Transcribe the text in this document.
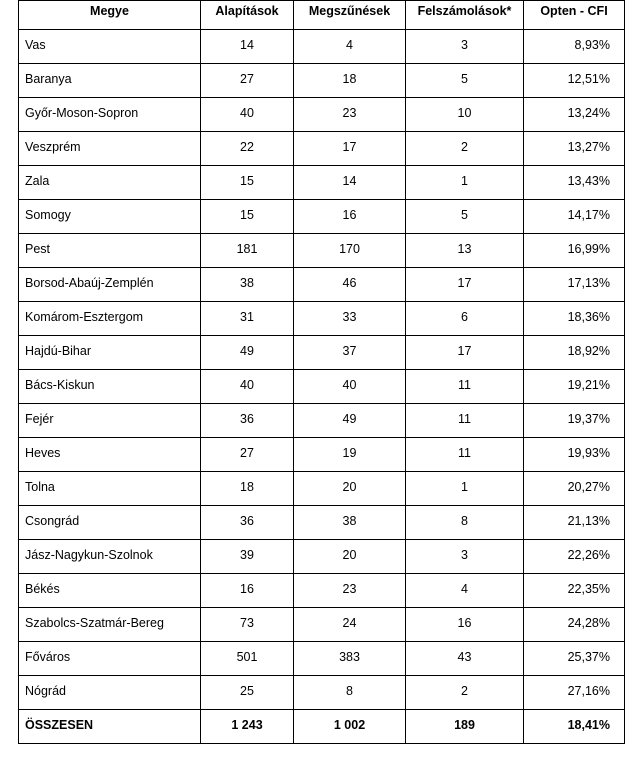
Megye	Alapítások	Megszűnések	Felszámolások*	Opten - CFI
Vas	14	4	3	8,93%
Baranya	27	18	5	12,51%
Győr-Moson-Sopron	40	23	10	13,24%
Veszprém	22	17	2	13,27%
Zala	15	14	1	13,43%
Somogy	15	16	5	14,17%
Pest	181	170	13	16,99%
Borsod-Abaúj-Zemplén	38	46	17	17,13%
Komárom-Esztergom	31	33	6	18,36%
Hajdú-Bihar	49	37	17	18,92%
Bács-Kiskun	40	40	11	19,21%
Fejér	36	49	11	19,37%
Heves	27	19	11	19,93%
Tolna	18	20	1	20,27%
Csongrád	36	38	8	21,13%
Jász-Nagykun-Szolnok	39	20	3	22,26%
Békés	16	23	4	22,35%
Szabolcs-Szatmár-Bereg	73	24	16	24,28%
Főváros	501	383	43	25,37%
Nógrád	25	8	2	27,16%
ÖSSZESEN	1 243	1 002	189	18,41%
